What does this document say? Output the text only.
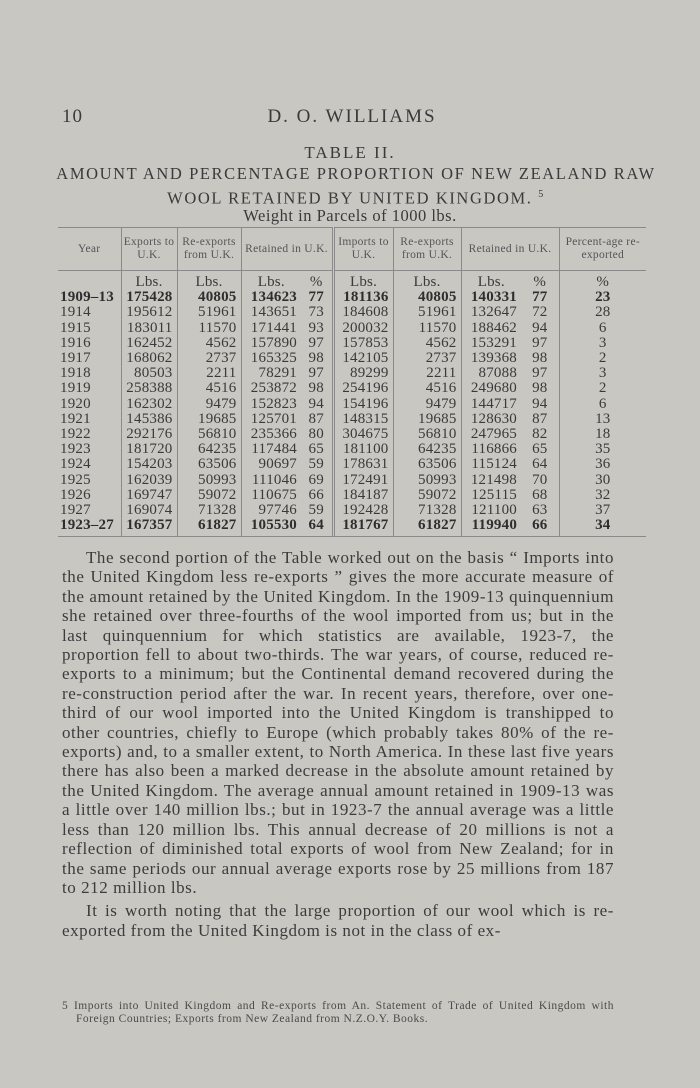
10	D. O. WILLIAMS
TABLE II.
AMOUNT AND PERCENTAGE PROPORTION OF NEW ZEALAND RAW WOOL RETAINED BY UNITED KINGDOM. $^5$
Weight in Parcels of 1000 lbs.
Year	Exports to U.K.	Re-exports from U.K.	Retained in U.K.		Imports to U.K.	Re-exports from U.K.	Retained in U.K.		Percent-age re-exported
	Lbs.	Lbs.	Lbs.	%	Lbs.	Lbs.	Lbs.	%	%
1909–13	175428	40805	134623	77	181136	40805	140331	77	23
1914	195612	51961	143651	73	184608	51961	132647	72	28
1915	183011	11570	171441	93	200032	11570	188462	94	6
1916	162452	4562	157890	97	157853	4562	153291	97	3
1917	168062	2737	165325	98	142105	2737	139368	98	2
1918	80503	2211	78291	97	89299	2211	87088	97	3
1919	258388	4516	253872	98	254196	4516	249680	98	2
1920	162302	9479	152823	94	154196	9479	144717	94	6
1921	145386	19685	125701	87	148315	19685	128630	87	13
1922	292176	56810	235366	80	304675	56810	247965	82	18
1923	181720	64235	117484	65	181100	64235	116866	65	35
1924	154203	63506	90697	59	178631	63506	115124	64	36
1925	162039	50993	111046	69	172491	50993	121498	70	30
1926	169747	59072	110675	66	184187	59072	125115	68	32
1927	169074	71328	97746	59	192428	71328	121100	63	37
1923–27	167357	61827	105530	64	181767	61827	119940	66	34

The second portion of the Table worked out on the basis “ Imports into the United Kingdom less re-exports ” gives the more accurate measure of the amount retained by the United Kingdom. In the 1909-13 quinquennium she retained over three-fourths of the wool imported from us; but in the last quinquennium for which statistics are available, 1923-7, the proportion fell to about two-thirds. The war years, of course, reduced re-exports to a minimum; but the Continental demand recovered during the re-construction period after the war. In recent years, therefore, over one-third of our wool imported into the United Kingdom is transhipped to other countries, chiefly to Europe (which probably takes 80% of the re-exports) and, to a smaller extent, to North America. In these last five years there has also been a marked decrease in the absolute amount retained by the United Kingdom. The average annual amount retained in 1909-13 was a little over 140 million lbs.; but in 1923-7 the annual average was a little less than 120 million lbs. This annual decrease of 20 millions is not a reflection of diminished total exports of wool from New Zealand; for in the same periods our annual average exports rose by 25 millions from 187 to 212 million lbs.

It is worth noting that the large proportion of our wool which is re-exported from the United Kingdom is not in the class of ex-

5 Imports into United Kingdom and Re-exports from An. Statement of Trade of United Kingdom with Foreign Countries; Exports from New Zealand from N.Z.O.Y. Books.
